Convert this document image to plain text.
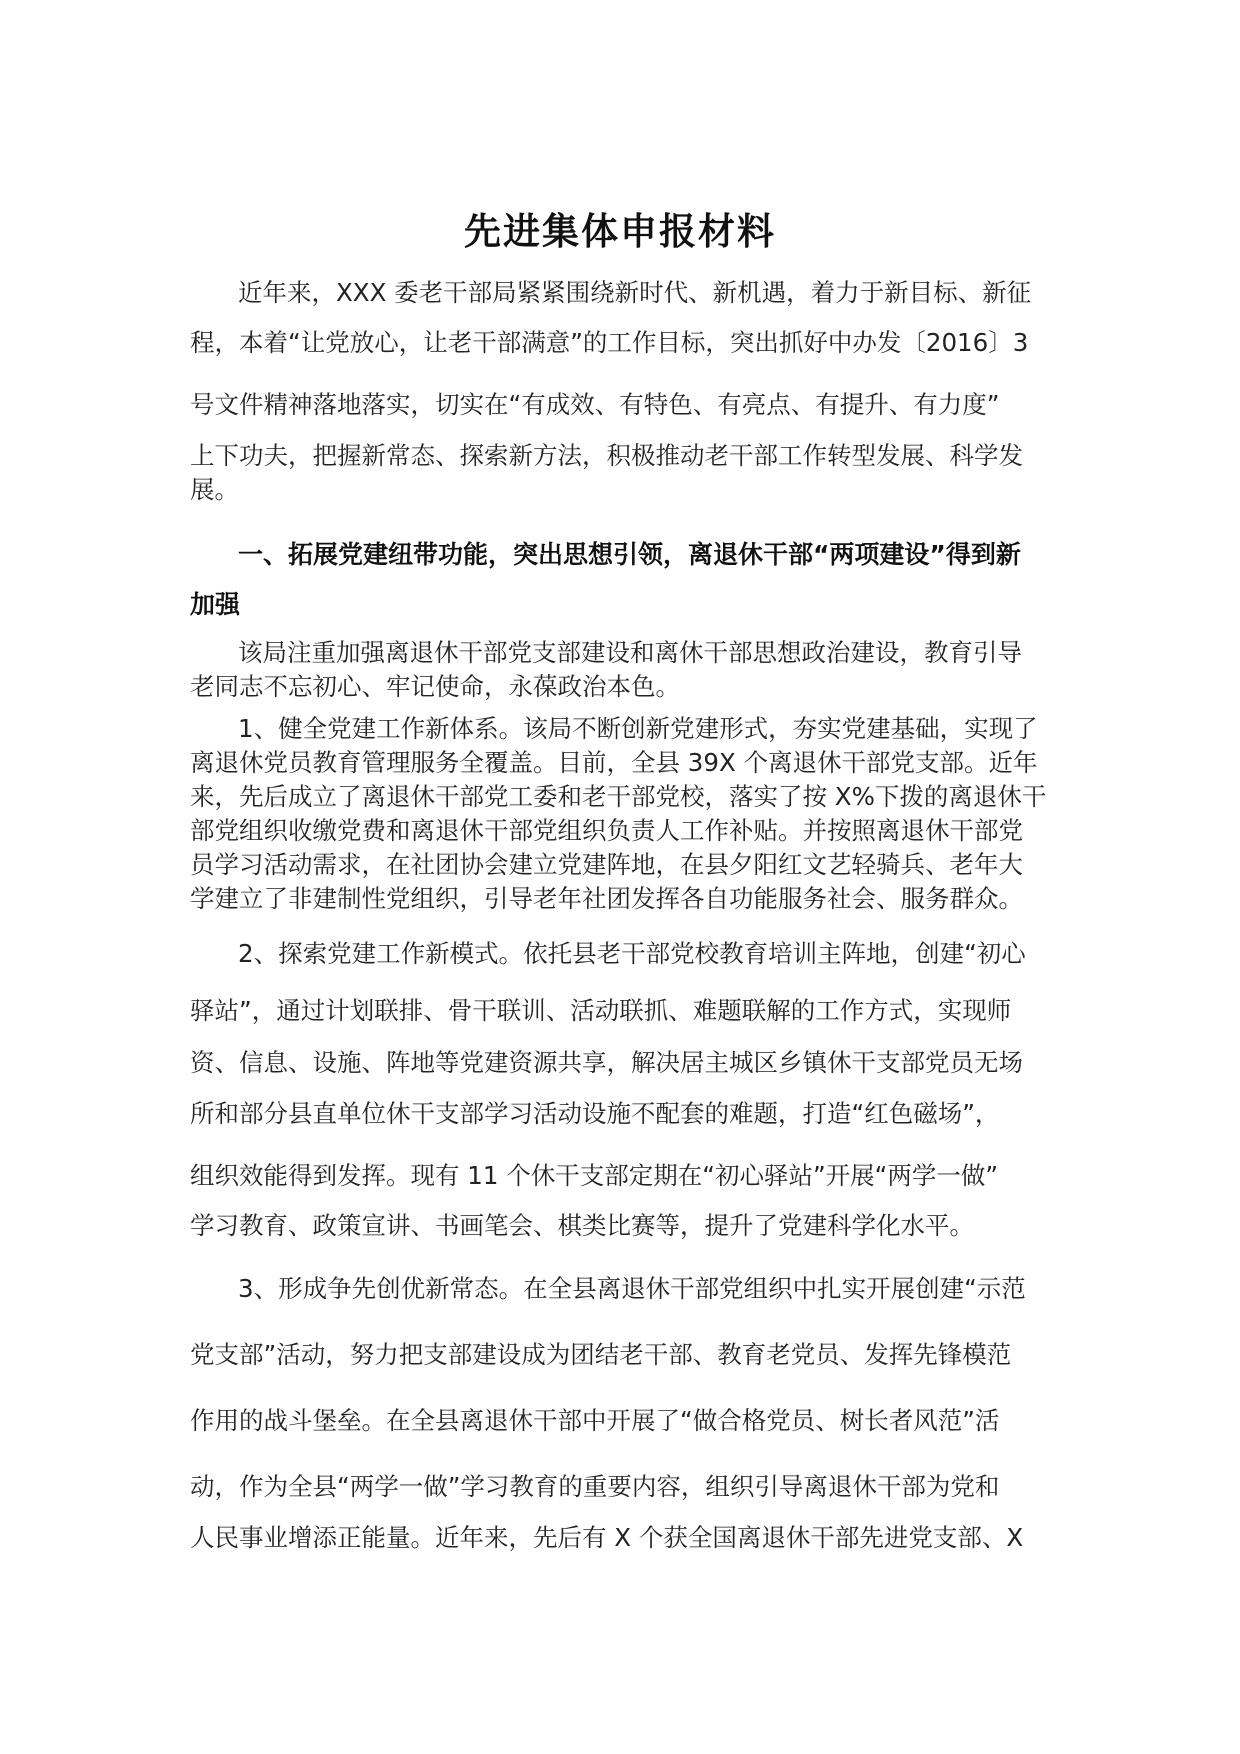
先进集体申报材料
近年来，XXX 委老干部局紧紧围绕新时代、新机遇，着力于新目标、新征
程，本着“让党放心，让老干部满意”的工作目标，突出抓好中办发〔2016〕3
号文件精神落地落实，切实在“有成效、有特色、有亮点、有提升、有力度”
上下功夫，把握新常态、探索新方法，积极推动老干部工作转型发展、科学发
展。
一、拓展党建纽带功能，突出思想引领，离退休干部“两项建设”得到新
加强
该局注重加强离退休干部党支部建设和离休干部思想政治建设，教育引导
老同志不忘初心、牢记使命，永葆政治本色。
1、健全党建工作新体系。该局不断创新党建形式，夯实党建基础，实现了
离退休党员教育管理服务全覆盖。目前，全县 39X 个离退休干部党支部。近年
来，先后成立了离退休干部党工委和老干部党校，落实了按 X%下拨的离退休干
部党组织收缴党费和离退休干部党组织负责人工作补贴。并按照离退休干部党
员学习活动需求，在社团协会建立党建阵地，在县夕阳红文艺轻骑兵、老年大
学建立了非建制性党组织，引导老年社团发挥各自功能服务社会、服务群众。
2、探索党建工作新模式。依托县老干部党校教育培训主阵地，创建“初心
驿站”，通过计划联排、骨干联训、活动联抓、难题联解的工作方式，实现师
资、信息、设施、阵地等党建资源共享，解决居主城区乡镇休干支部党员无场
所和部分县直单位休干支部学习活动设施不配套的难题，打造“红色磁场”，
组织效能得到发挥。现有 11 个休干支部定期在“初心驿站”开展“两学一做”
学习教育、政策宣讲、书画笔会、棋类比赛等，提升了党建科学化水平。
3、形成争先创优新常态。在全县离退休干部党组织中扎实开展创建“示范
党支部”活动，努力把支部建设成为团结老干部、教育老党员、发挥先锋模范
作用的战斗堡垒。在全县离退休干部中开展了“做合格党员、树长者风范”活
动，作为全县“两学一做”学习教育的重要内容，组织引导离退休干部为党和
人民事业增添正能量。近年来，先后有 X 个获全国离退休干部先进党支部、X
